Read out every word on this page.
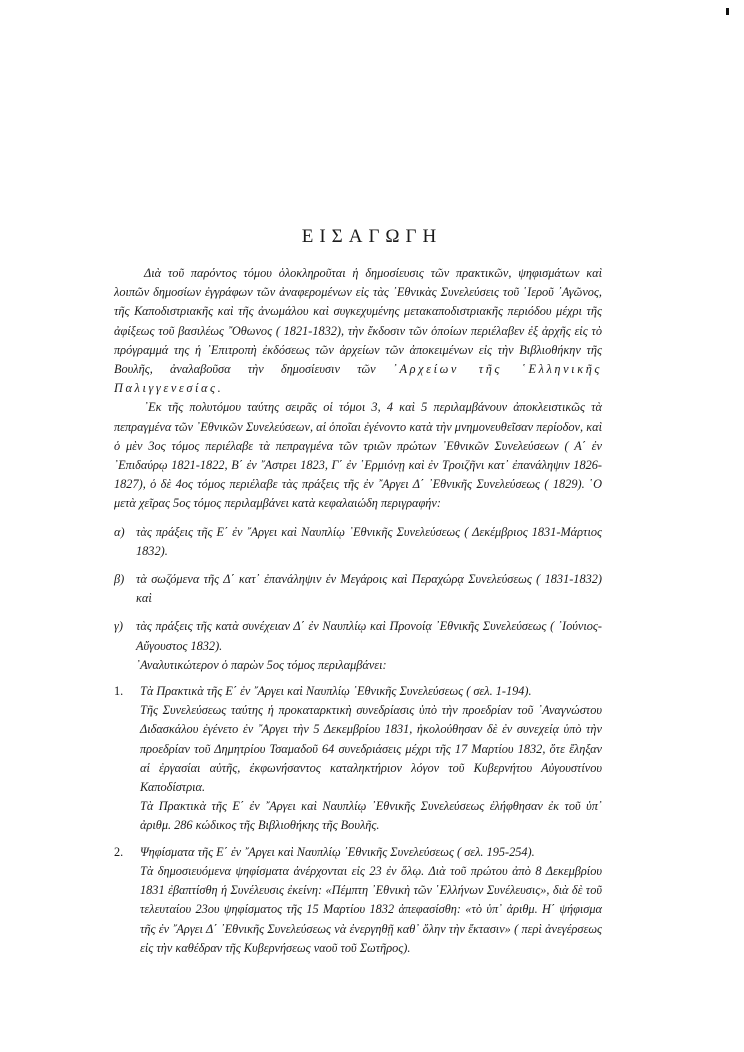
ΕΙΣΑΓΩΓΗ

Διὰ τοῦ παρόντος τόμου ὁλοκληροῦται ἡ δημοσίευσις τῶν πρακτικῶν, ψηφισμάτων καὶ λοιπῶν δημοσίων ἐγγράφων τῶν ἀναφερομένων εἰς τὰς ᾿Εθνικὰς Συνελεύσεις τοῦ ῾Ιεροῦ ᾿Αγῶνος, τῆς Καποδιστριακῆς καὶ τῆς ἀνωμάλου καὶ συγκεχυμένης μετακαποδιστριακῆς περιόδου μέχρι τῆς ἀφίξεως τοῦ βασιλέως ῎Οθωνος ( 1821-1832), τὴν ἔκδοσιν τῶν ὁποίων περιέλαβεν ἐξ ἀρχῆς εἰς τὸ πρόγραμμά της ἡ ᾿Επιτροπὴ ἐκδόσεως τῶν ἀρχείων τῶν ἀποκειμένων εἰς τὴν Βιβλιοθήκην τῆς Βουλῆς, ἀναλαβοῦσα τὴν δημοσίευσιν τῶν ᾿Αρχείων τῆς ῾Ελληνικῆς Παλιγγενεσίας.

᾿Εκ τῆς πολυτόμου ταύτης σειρᾶς οἱ τόμοι 3, 4 καὶ 5 περιλαμβάνουν ἀποκλειστικῶς τὰ πεπραγμένα τῶν ᾿Εθνικῶν Συνελεύσεων, αἱ ὁποῖαι ἐγένοντο κατὰ τὴν μνημονευθεῖσαν περίοδον, καὶ ὁ μὲν 3ος τόμος περιέλαβε τὰ πεπραγμένα τῶν τριῶν πρώτων ᾿Εθνικῶν Συνελεύσεων ( Α΄ ἐν ᾿Επιδαύρῳ 1821-1822, Β΄ ἐν ῎Αστρει 1823, Γ΄ ἐν ῾Ερμιόνῃ καὶ ἐν Τροιζῆνι κατ᾿ ἐπανάληψιν 1826-1827), ὁ δὲ 4ος τόμος περιέλαβε τὰς πράξεις τῆς ἐν ῎Αργει Δ΄ ᾿Εθνικῆς Συνελεύσεως ( 1829). ῾Ο μετὰ χεῖρας 5ος τόμος περιλαμβάνει κατὰ κεφαλαιώδη περιγραφήν:

α) τὰς πράξεις τῆς Ε΄ ἐν ῎Αργει καὶ Ναυπλίῳ ᾿Εθνικῆς Συνελεύσεως ( Δεκέμβριος 1831-Μάρτιος 1832).
β) τὰ σωζόμενα τῆς Δ΄ κατ᾿ ἐπανάληψιν ἐν Μεγάροις καὶ Περαχώρᾳ Συνελεύσεως ( 1831-1832) καὶ
γ)	τὰς πράξεις τῆς κατὰ συνέχειαν Δ΄ ἐν Ναυπλίῳ καὶ Προνοίᾳ ᾿Εθνικῆς Συνελεύσεως ( ᾿Ιούνιος-Αὔγουστος 1832).

᾿Αναλυτικώτερον ὁ παρὼν 5ος τόμος περιλαμβάνει:

1.	Τὰ Πρακτικὰ τῆς Ε΄ ἐν ῎Αργει καὶ Ναυπλίῳ ᾿Εθνικῆς Συνελεύσεως ( σελ. 1-194).

Τῆς Συνελεύσεως ταύτης ἡ προκαταρκτικὴ συνεδρίασις ὑπὸ τὴν προεδρίαν τοῦ ᾿Αναγνώστου Διδασκάλου ἐγένετο ἐν ῎Αργει τὴν 5 Δεκεμβρίου 1831, ἠκολούθησαν δὲ ἐν συνεχείᾳ ὑπὸ τὴν προεδρίαν τοῦ Δημητρίου Τσαμαδοῦ 64 συνεδριάσεις μέχρι τῆς 17 Μαρτίου 1832, ὅτε ἔληξαν αἱ ἐργασίαι αὐτῆς, ἐκφωνήσαντος καταληκτήριον λόγον τοῦ Κυβερνήτου Αὐγουστίνου Καποδίστρια.

Τὰ Πρακτικὰ τῆς Ε΄ ἐν ῎Αργει καὶ Ναυπλίῳ ᾿Εθνικῆς Συνελεύσεως ἐλήφθησαν ἐκ τοῦ ὑπ᾿ ἀριθμ. 286 κώδικος τῆς Βιβλιοθήκης τῆς Βουλῆς.

2.	Ψηφίσματα τῆς Ε΄ ἐν ῎Αργει καὶ Ναυπλίῳ ᾿Εθνικῆς Συνελεύσεως ( σελ. 195-254).

Τὰ δημοσιευόμενα ψηφίσματα ἀνέρχονται εἰς 23 ἐν ὅλῳ. Διὰ τοῦ πρώτου ἀπὸ 8 Δεκεμβρίου 1831 ἐβαπτίσθη ἡ Συνέλευσις ἐκείνη: «Πέμπτη ᾿Εθνικὴ τῶν ῾Ελλήνων Συνέλευσις», διὰ δὲ τοῦ τελευταίου 23ου ψηφίσματος τῆς 15 Μαρτίου 1832 ἀπεφασίσθη: «τὸ ὑπ᾿ ἀριθμ. Η΄ ψήφισμα τῆς ἐν ῎Αργει Δ΄ ᾿Εθνικῆς Συνελεύσεως νὰ ἐνεργηθῇ καθ᾿ ὅλην τὴν ἔκτασιν» ( περὶ ἀνεγέρσεως εἰς τὴν καθέδραν τῆς Κυβερνήσεως ναοῦ τοῦ Σωτῆρος).
